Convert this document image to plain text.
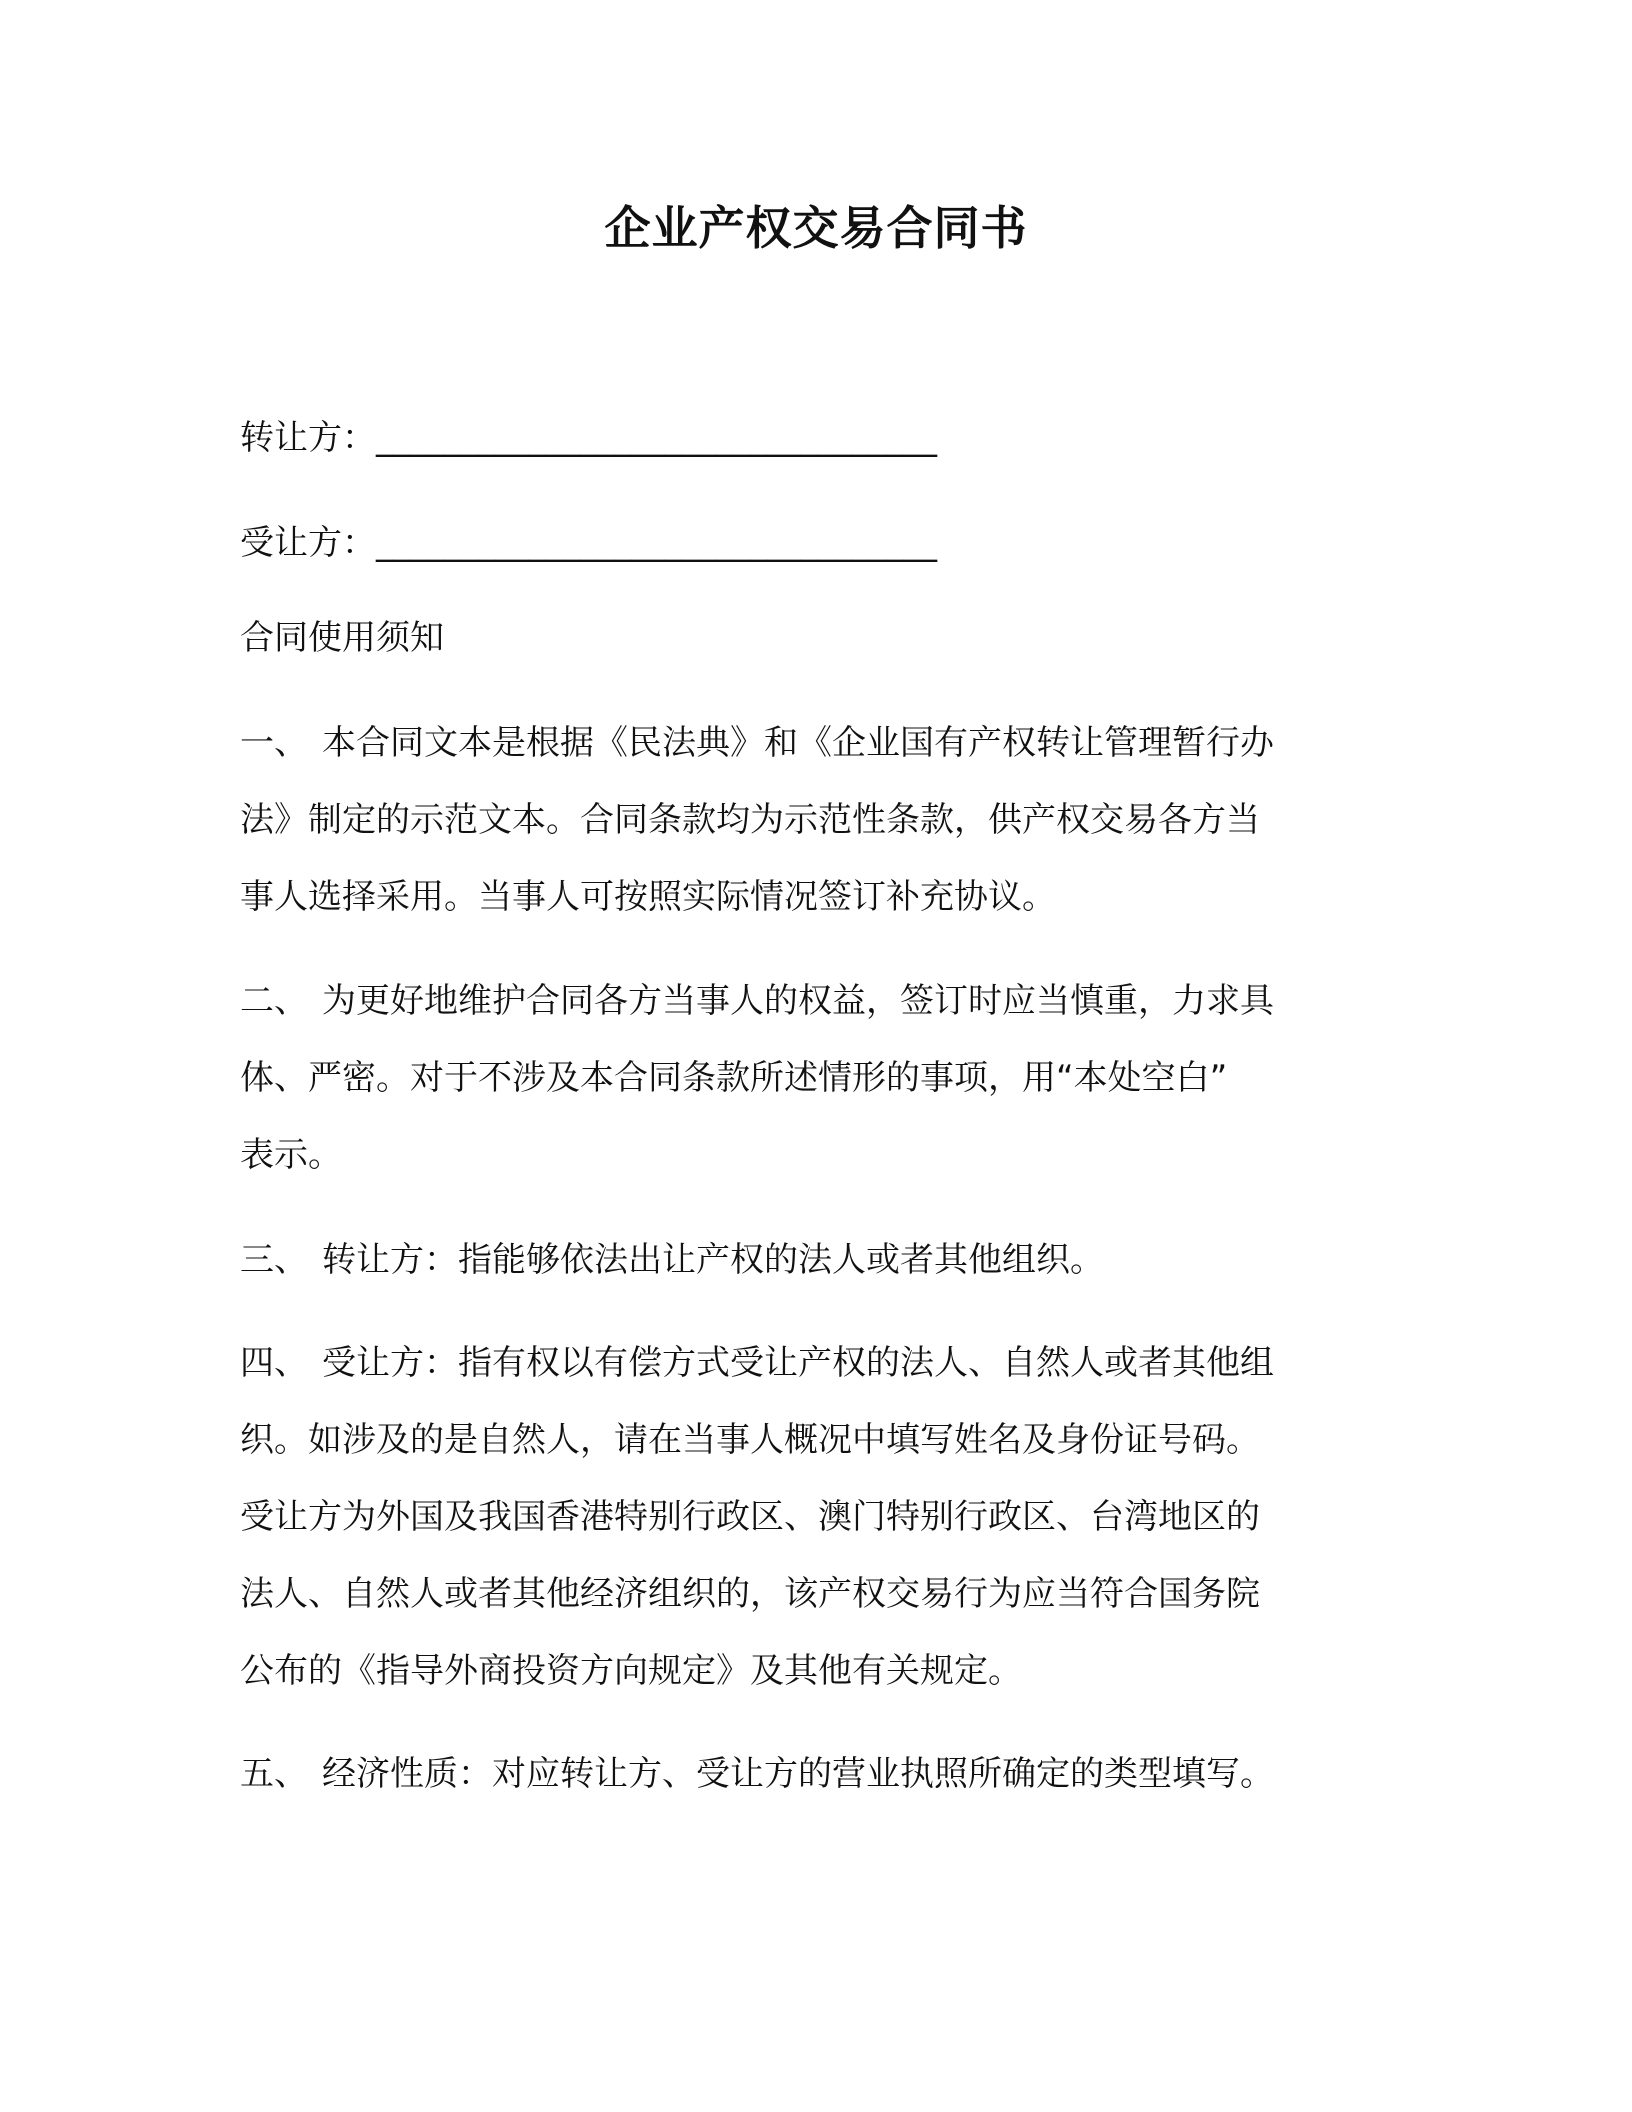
企业产权交易合同书
转让方：_________________________________
受让方：_________________________________
合同使用须知
一、 本合同文本是根据《民法典》和《企业国有产权转让管理暂行办
法》制定的示范文本。合同条款均为示范性条款，供产权交易各方当
事人选择采用。当事人可按照实际情况签订补充协议。
二、 为更好地维护合同各方当事人的权益，签订时应当慎重，力求具
体、严密。对于不涉及本合同条款所述情形的事项，用“本处空白”
表示。
三、 转让方：指能够依法出让产权的法人或者其他组织。
四、 受让方：指有权以有偿方式受让产权的法人、自然人或者其他组
织。如涉及的是自然人，请在当事人概况中填写姓名及身份证号码。
受让方为外国及我国香港特别行政区、澳门特别行政区、台湾地区的
法人、自然人或者其他经济组织的，该产权交易行为应当符合国务院
公布的《指导外商投资方向规定》及其他有关规定。
五、 经济性质：对应转让方、受让方的营业执照所确定的类型填写。
